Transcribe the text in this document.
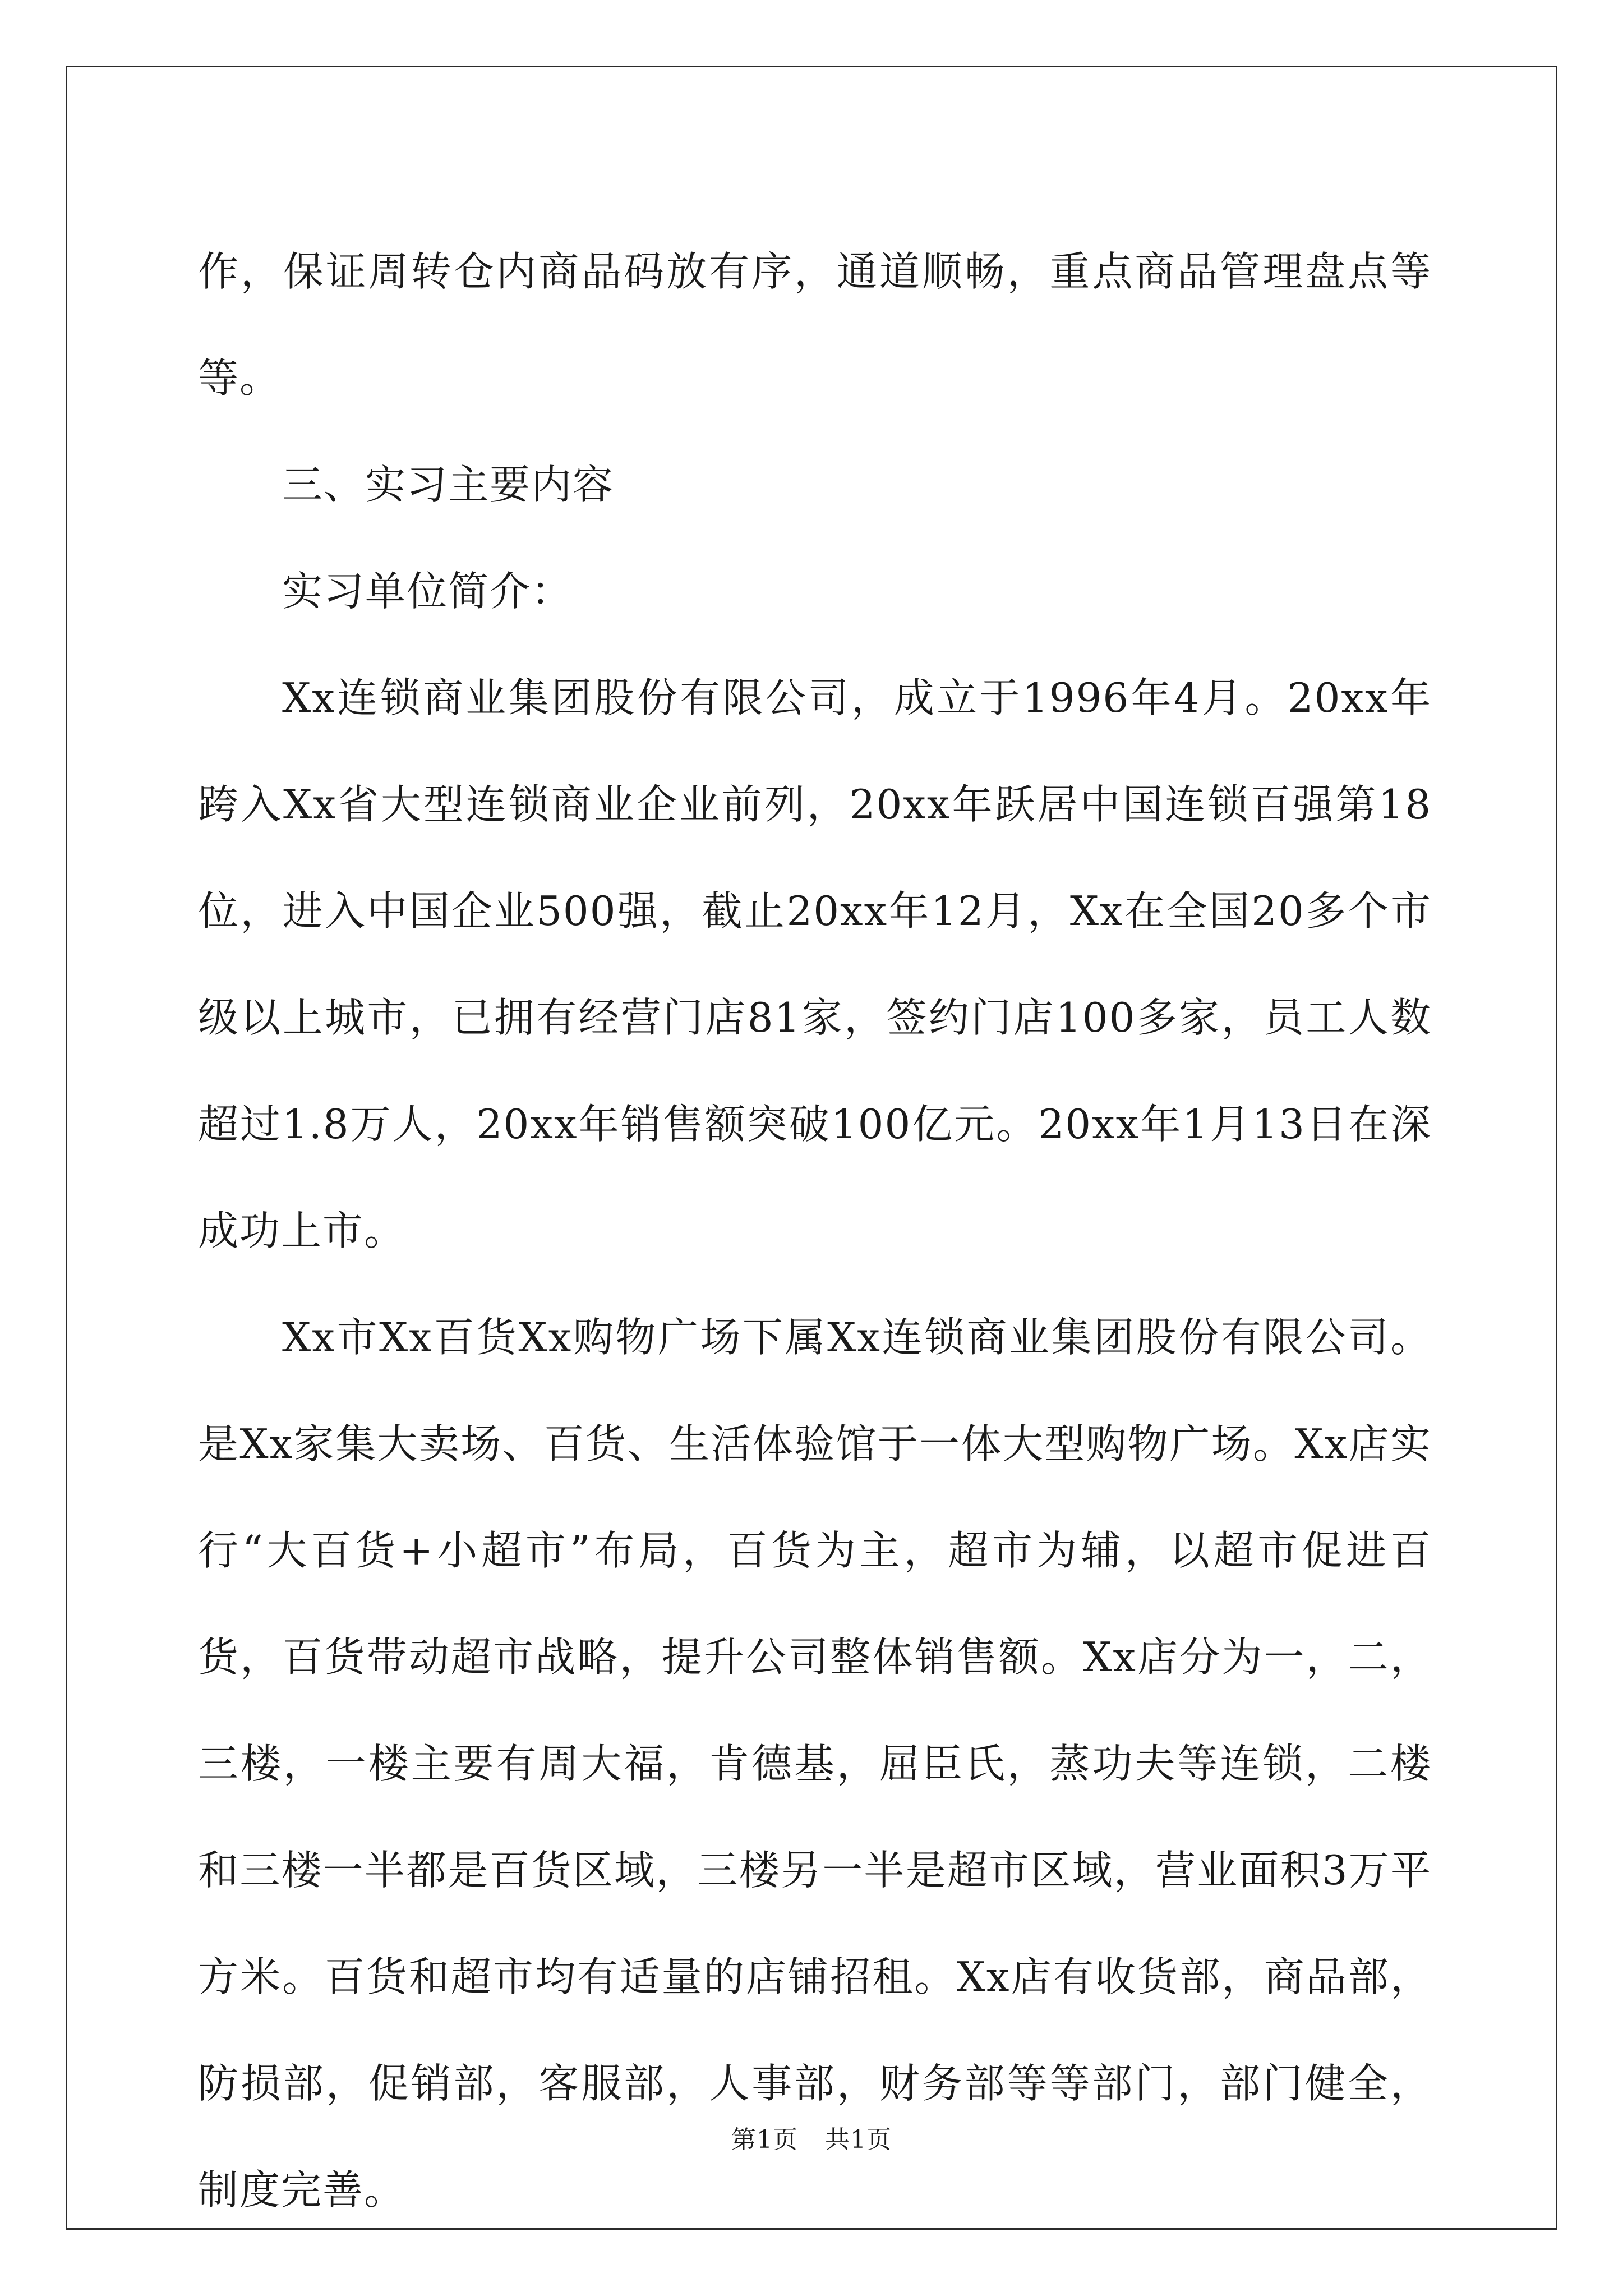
作，保证周转仓内商品码放有序，通道顺畅，重点商品管理盘点等等。

三、实习主要内容

实习单位简介：

Xx连锁商业集团股份有限公司，成立于1996年4月。20xx年跨入Xx省大型连锁商业企业前列，20xx年跃居中国连锁百强第18位，进入中国企业500强，截止20xx年12月，Xx在全国20多个市级以上城市，已拥有经营门店81家，签约门店100多家，员工人数超过1.8万人，20xx年销售额突破100亿元。20xx年1月13日在深成功上市。

Xx市Xx百货Xx购物广场下属Xx连锁商业集团股份有限公司。是Xx家集大卖场、百货、生活体验馆于一体大型购物广场。Xx店实行“大百货+小超市”布局，百货为主，超市为辅，以超市促进百货，百货带动超市战略，提升公司整体销售额。Xx店分为一，二，三楼，一楼主要有周大福，肯德基，屈臣氏，蒸功夫等连锁，二楼和三楼一半都是百货区域，三楼另一半是超市区域，营业面积3万平方米。百货和超市均有适量的店铺招租。Xx店有收货部，商品部，防损部，促销部，客服部，人事部，财务部等等部门，部门健全，制度完善。

第1页 共1页
